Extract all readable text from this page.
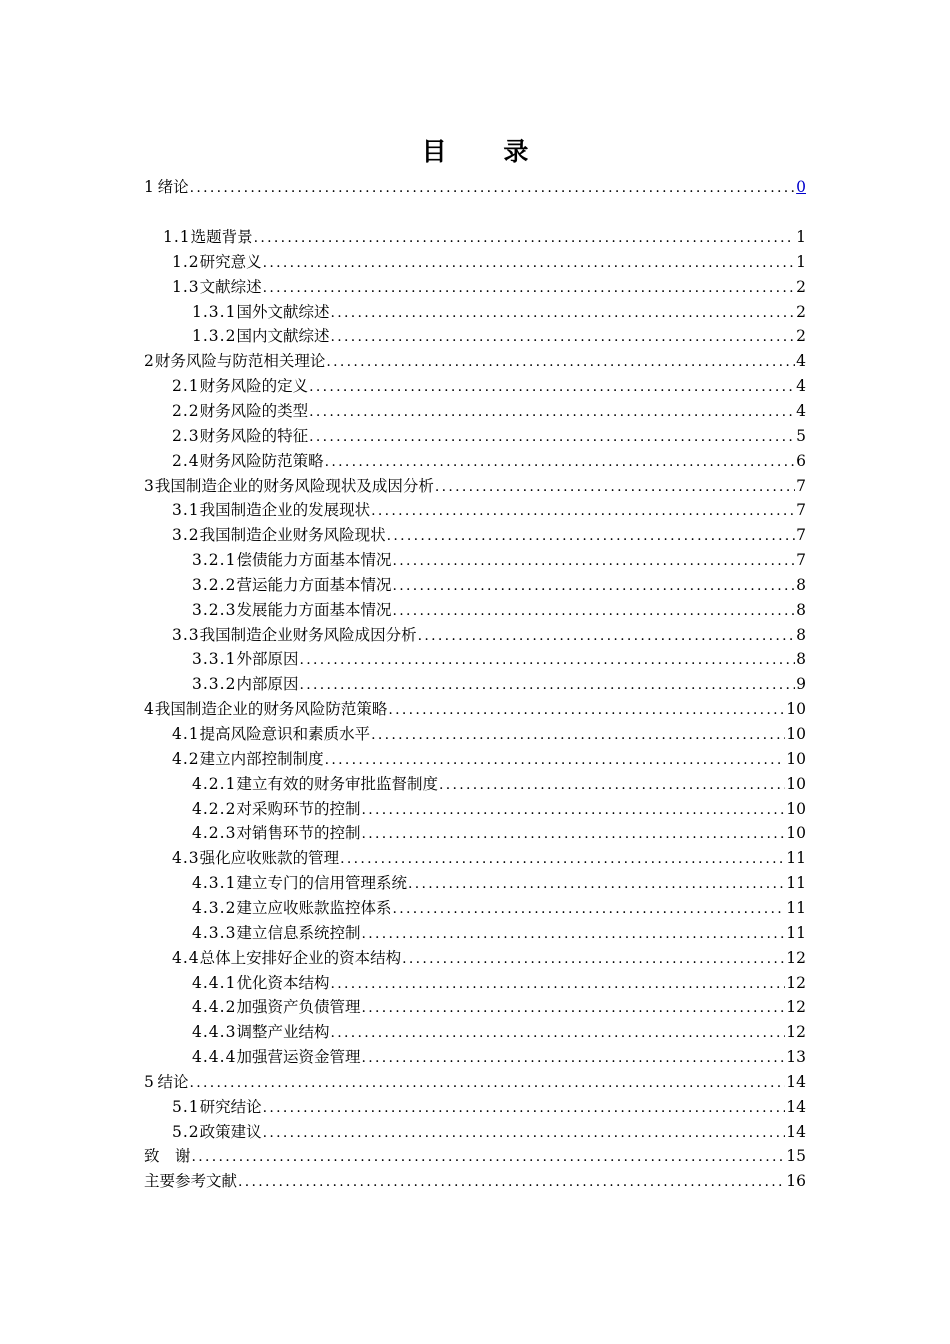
目 录
1 绪论 .....	0
1.1 选题背景 .....	1
1.2 研究意义 .....	1
1.3 文献综述 .....	2
1.3.1 国外文献综述 .....	2
1.3.2 国内文献综述 .....	2
2 财务风险与防范相关理论 .....	4
2.1 财务风险的定义 .....	4
2.2 财务风险的类型 .....	4
2.3 财务风险的特征 .....	5
2.4 财务风险防范策略 .....	6
3 我国制造企业的财务风险现状及成因分析 .....	7
3.1 我国制造企业的发展现状 .....	7
3.2 我国制造企业财务风险现状 .....	7
3.2.1 偿债能力方面基本情况 .....	7
3.2.2 营运能力方面基本情况 .....	8
3.2.3 发展能力方面基本情况 .....	8
3.3 我国制造企业财务风险成因分析 .....	8
3.3.1 外部原因 .....	8
3.3.2 内部原因 .....	9
4 我国制造企业的财务风险防范策略 .....	10
4.1 提高风险意识和素质水平 .....	10
4.2 建立内部控制制度 .....	10
4.2.1 建立有效的财务审批监督制度 .....	10
4.2.2 对采购环节的控制 .....	10
4.2.3 对销售环节的控制 .....	10
4.3 强化应收账款的管理 .....	11
4.3.1 建立专门的信用管理系统 .....	11
4.3.2 建立应收账款监控体系 .....	11
4.3.3 建立信息系统控制 .....	11
4.4 总体上安排好企业的资本结构 .....	12
4.4.1 优化资本结构 .....	12
4.4.2 加强资产负债管理 .....	12
4.4.3 调整产业结构 .....	12
4.4.4 加强营运资金管理 .....	13
5 结论 .....	14
5.1 研究结论 .....	14
5.2 政策建议 .....	14
致　谢 .....	15
主要参考文献 .....	16
